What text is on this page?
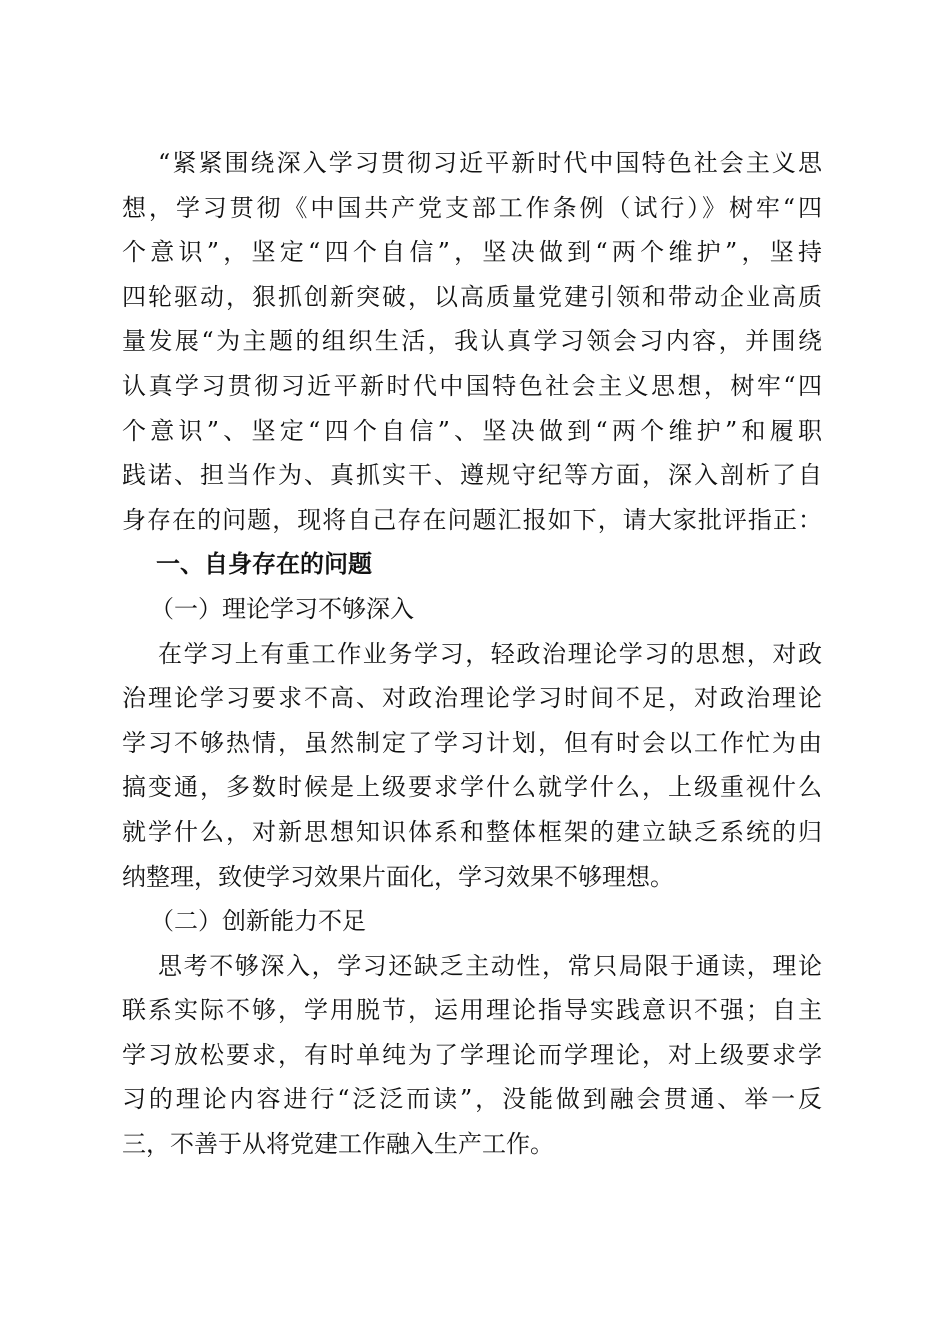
“紧紧围绕深入学习贯彻习近平新时代中国特色社会主义思
想，学习贯彻《中国共产党支部工作条例（试行）》树牢“四
个意识”，坚定“四个自信”，坚决做到“两个维护”，坚持
四轮驱动，狠抓创新突破，以高质量党建引领和带动企业高质
量发展“为主题的组织生活，我认真学习领会习内容，并围绕
认真学习贯彻习近平新时代中国特色社会主义思想，树牢“四
个意识”、坚定“四个自信”、坚决做到“两个维护”和履职
践诺、担当作为、真抓实干、遵规守纪等方面，深入剖析了自
身存在的问题，现将自己存在问题汇报如下，请大家批评指正：
一、自身存在的问题
（一）理论学习不够深入
在学习上有重工作业务学习，轻政治理论学习的思想，对政
治理论学习要求不高、对政治理论学习时间不足，对政治理论
学习不够热情，虽然制定了学习计划，但有时会以工作忙为由
搞变通，多数时候是上级要求学什么就学什么，上级重视什么
就学什么，对新思想知识体系和整体框架的建立缺乏系统的归
纳整理，致使学习效果片面化，学习效果不够理想。
（二）创新能力不足
思考不够深入，学习还缺乏主动性，常只局限于通读，理论
联系实际不够，学用脱节，运用理论指导实践意识不强；自主
学习放松要求，有时单纯为了学理论而学理论，对上级要求学
习的理论内容进行“泛泛而读”，没能做到融会贯通、举一反
三，不善于从将党建工作融入生产工作。
